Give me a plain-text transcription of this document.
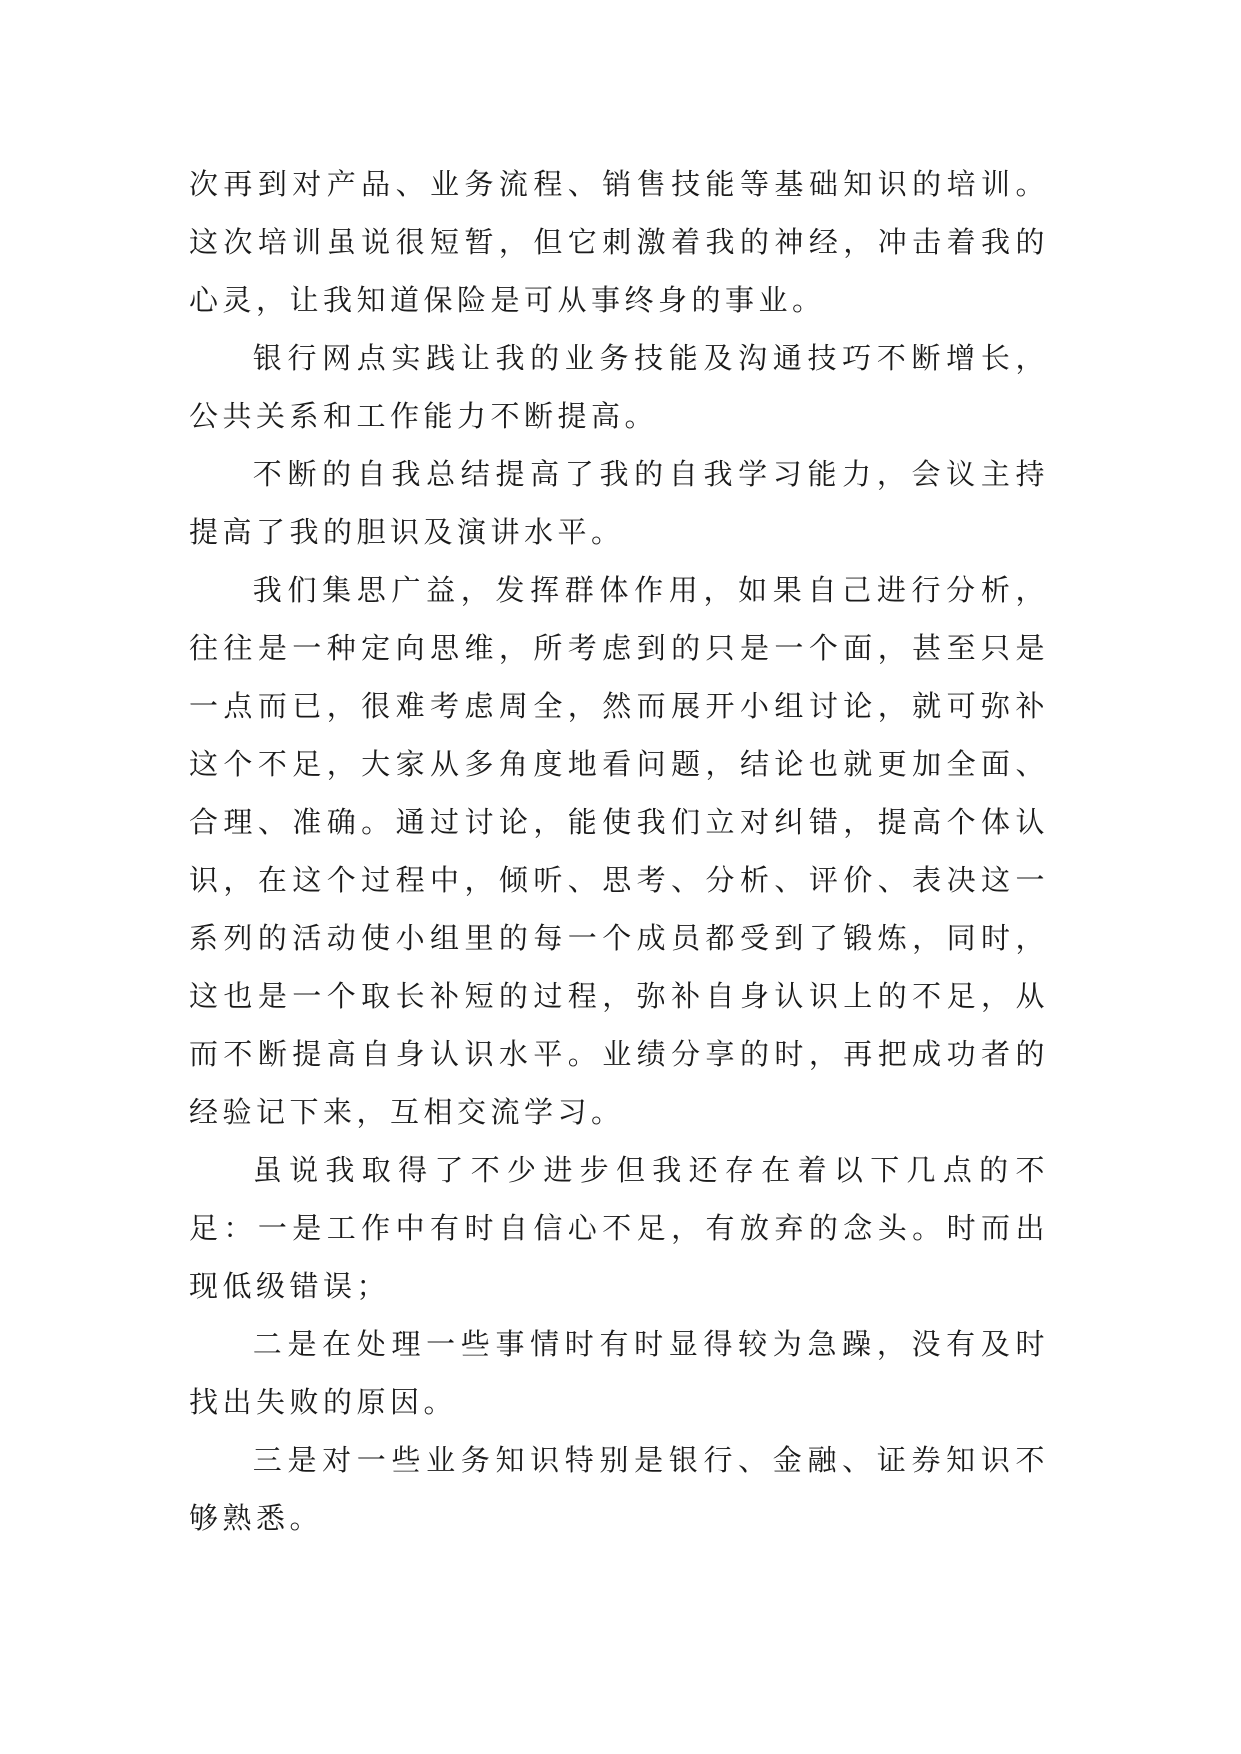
次再到对产品、业务流程、销售技能等基础知识的培训。这次培训虽说很短暂，但它刺激着我的神经，冲击着我的心灵，让我知道保险是可从事终身的事业。

银行网点实践让我的业务技能及沟通技巧不断增长，公共关系和工作能力不断提高。

不断的自我总结提高了我的自我学习能力，会议主持提高了我的胆识及演讲水平。

我们集思广益，发挥群体作用，如果自己进行分析，往往是一种定向思维，所考虑到的只是一个面，甚至只是一点而已，很难考虑周全，然而展开小组讨论，就可弥补这个不足，大家从多角度地看问题，结论也就更加全面、合理、准确。通过讨论，能使我们立对纠错，提高个体认识，在这个过程中，倾听、思考、分析、评价、表决这一系列的活动使小组里的每一个成员都受到了锻炼，同时，这也是一个取长补短的过程，弥补自身认识上的不足，从而不断提高自身认识水平。业绩分享的时，再把成功者的经验记下来，互相交流学习。

虽说我取得了不少进步但我还存在着以下几点的不足：一是工作中有时自信心不足，有放弃的念头。时而出现低级错误；

二是在处理一些事情时有时显得较为急躁，没有及时找出失败的原因。

三是对一些业务知识特别是银行、金融、证券知识不够熟悉。
